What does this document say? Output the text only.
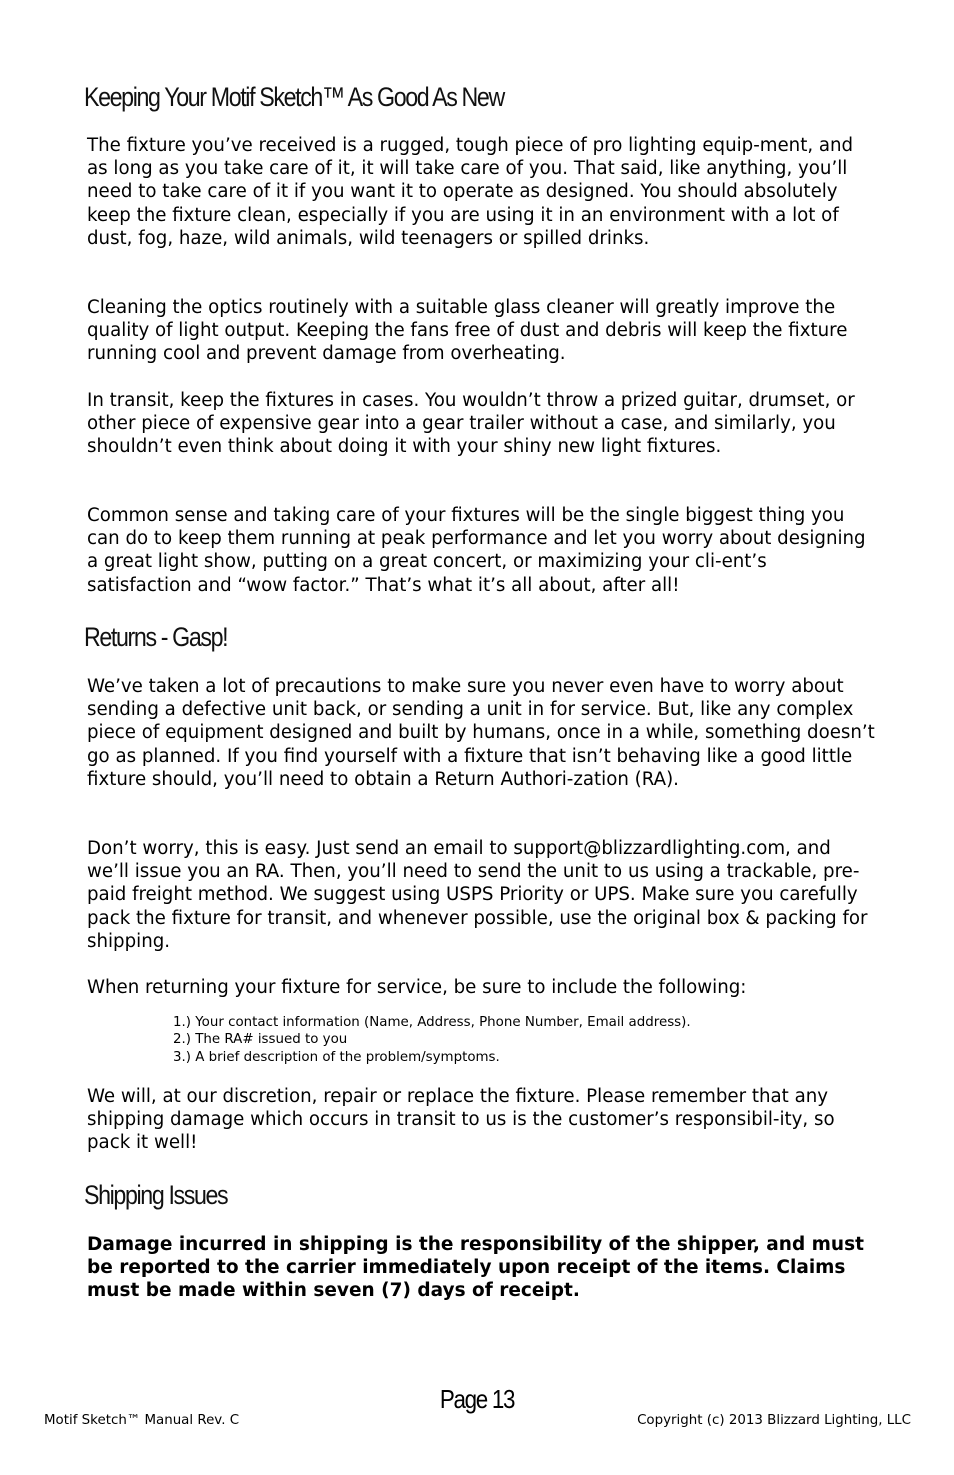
Keeping Your Motif Sketch™ As Good As New

The fixture you’ve received is a rugged, tough piece of pro lighting equip-ment, and as long as you take care of it, it will take care of you. That said, like anything, you’ll need to take care of it if you want it to operate as designed. You should absolutely keep the fixture clean, especially if you are using it in an environment with a lot of dust, fog, haze, wild animals, wild teenagers or spilled drinks.

Cleaning the optics routinely with a suitable glass cleaner will greatly improve the quality of light output. Keeping the fans free of dust and debris will keep the fixture running cool and prevent damage from overheating.

In transit, keep the fixtures in cases. You wouldn’t throw a prized guitar, drumset, or other piece of expensive gear into a gear trailer without a case, and similarly, you shouldn’t even think about doing it with your shiny new light fixtures.

Common sense and taking care of your fixtures will be the single biggest thing you can do to keep them running at peak performance and let you worry about designing a great light show, putting on a great concert, or maximizing your cli-ent’s satisfaction and “wow factor.” That’s what it’s all about, after all!

Returns - Gasp!

We’ve taken a lot of precautions to make sure you never even have to worry about sending a defective unit back, or sending a unit in for service. But, like any complex piece of equipment designed and built by humans, once in a while, something doesn’t go as planned. If you find yourself with a fixture that isn’t behaving like a good little fixture should, you’ll need to obtain a Return Authori-zation (RA).

Don’t worry, this is easy. Just send an email to support@blizzardlighting.com, and we’ll issue you an RA. Then, you’ll need to send the unit to us using a trackable, pre-paid freight method. We suggest using USPS Priority or UPS. Make sure you carefully pack the fixture for transit, and whenever possible, use the original box & packing for shipping.

When returning your fixture for service, be sure to include the following:

1.) Your contact information (Name, Address, Phone Number, Email address).
2.) The RA# issued to you
3.) A brief description of the problem/symptoms.

We will, at our discretion, repair or replace the fixture. Please remember that any shipping damage which occurs in transit to us is the customer’s responsibil-ity, so pack it well!

Shipping Issues

Damage incurred in shipping is the responsibility of the shipper, and must be reported to the carrier immediately upon receipt of the items. Claims must be made within seven (7) days of receipt.

Page 13
Motif Sketch™ Manual Rev. C	Copyright (c) 2013 Blizzard Lighting, LLC
